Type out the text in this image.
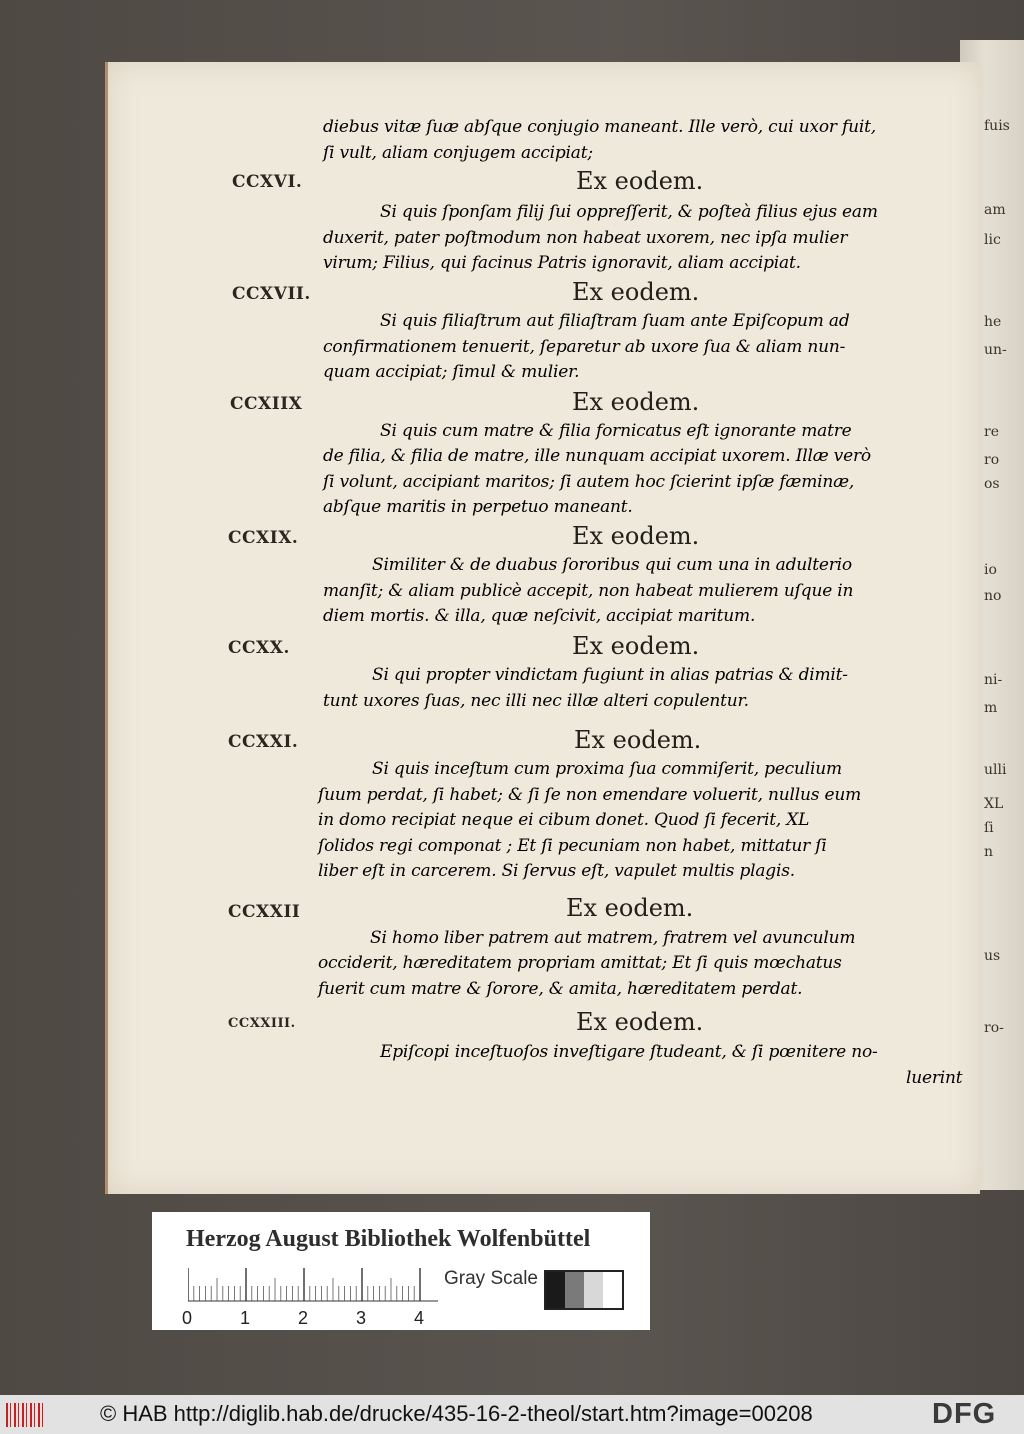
fuis
am
lic
he
un-
re
ro
os
io
no
ni-
m
ulli
XL
ſi
n
us
ro-
diebus vitæ ſuæ abſque conjugio maneant. Ille verò, cui uxor fuit,
ſi vult, aliam conjugem accipiat;
CCXVI.	Ex eodem.
Si quis ſponſam filij ſui oppreſſerit, & poſteà filius ejus eam
duxerit, pater poſtmodum non habeat uxorem, nec ipſa mulier
virum; Filius, qui facinus Patris ignoravit, aliam accipiat.
CCXVII.	Ex eodem.
Si quis filiaſtrum aut filiaſtram ſuam ante Epiſcopum ad
confirmationem tenuerit, ſeparetur ab uxore ſua & aliam nun-
quam accipiat; ſimul & mulier.
CCXIIX	Ex eodem.
Si quis cum matre & filia fornicatus eſt ignorante matre
de filia, & filia de matre, ille nunquam accipiat uxorem. Illæ verò
ſi volunt, accipiant maritos; ſi autem hoc ſcierint ipſæ fæminæ,
abſque maritis in perpetuo maneant.
CCXIX.	Ex eodem.
Similiter & de duabus ſororibus qui cum una in adulterio
manſit; & aliam publicè accepit, non habeat mulierem uſque in
diem mortis. & illa, quæ neſcivit, accipiat maritum.
CCXX.	Ex eodem.
Si qui propter vindictam fugiunt in alias patrias & dimit-
tunt uxores ſuas, nec illi nec illæ alteri copulentur.
CCXXI.	Ex eodem.
Si quis inceſtum cum proxima ſua commiſerit, peculium
ſuum perdat, ſi habet; & ſi ſe non emendare voluerit, nullus eum
in domo recipiat neque ei cibum donet. Quod ſi fecerit, XL
ſolidos regi componat ; Et ſi pecuniam non habet, mittatur ſi
liber eſt in carcerem. Si ſervus eſt, vapulet multis plagis.
CCXXII	Ex eodem.
Si homo liber patrem aut matrem, fratrem vel avunculum
occiderit, hæreditatem propriam amittat; Et ſi quis mœchatus
fuerit cum matre & ſorore, & amita, hæreditatem perdat.
CCXXIII.	Ex eodem.
Epiſcopi inceſtuoſos inveſtigare ſtudeant, & ſi pœnitere no-
luerint
Herzog August Bibliothek Wolfenbüttel
0	1	2	3	4
Gray Scale
© HAB http://diglib.hab.de/drucke/435-16-2-theol/start.htm?image=00208	DFG
